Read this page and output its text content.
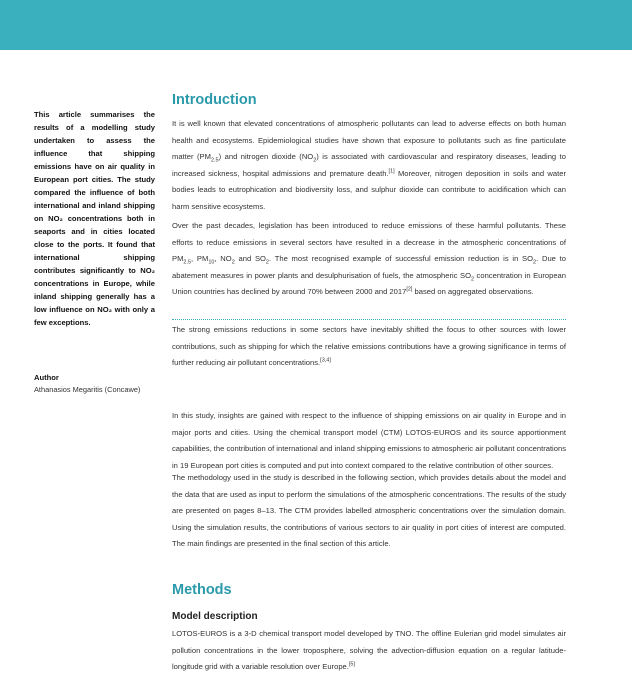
This article summarises the results of a modelling study undertaken to assess the influence that shipping emissions have on air quality in European port cities. The study compared the influence of both international and inland shipping on NO₂ concentrations both in seaports and in cities located close to the ports. It found that international shipping contributes significantly to NO₂ concentrations in Europe, while inland shipping generally has a low influence on NO₂ with only a few exceptions.
Author
Athanasios Megaritis (Concawe)
Introduction

It is well known that elevated concentrations of atmospheric pollutants can lead to adverse effects on both human health and ecosystems. Epidemiological studies have shown that exposure to pollutants such as fine particulate matter $(PM_{2.5})$ and nitrogen dioxide $(NO_2)$ is associated with cardiovascular and respiratory diseases, leading to increased sickness, hospital admissions and premature death.[1] Moreover, nitrogen deposition in soils and water bodies leads to eutrophication and biodiversity loss, and sulphur dioxide can contribute to acidification which can harm sensitive ecosystems.

Over the past decades, legislation has been introduced to reduce emissions of these harmful pollutants. These efforts to reduce emissions in several sectors have resulted in a decrease in the atmospheric concentrations of $PM_{2.5}$, $PM_{10}$, $NO_2$ and $SO_2$. The most recognised example of successful emission reduction is in $SO_2$. Due to abatement measures in power plants and desulphurisation of fuels, the atmospheric $SO_2$ concentration in European Union countries has declined by around 70% between 2000 and 2017[2] based on aggregated observations.

The strong emissions reductions in some sectors have inevitably shifted the focus to other sources with lower contributions, such as shipping for which the relative emissions contributions have a growing significance in terms of further reducing air pollutant concentrations.[3,4]

In this study, insights are gained with respect to the influence of shipping emissions on air quality in Europe and in major ports and cities. Using the chemical transport model (CTM) LOTOS-EUROS and its source apportionment capabilities, the contribution of international and inland shipping emissions to atmospheric air pollutant concentrations in 19 European port cities is computed and put into context compared to the relative contribution of other sources.

The methodology used in the study is described in the following section, which provides details about the model and the data that are used as input to perform the simulations of the atmospheric concentrations. The results of the study are presented on pages 8–13. The CTM provides labelled atmospheric concentrations over the simulation domain. Using the simulation results, the contributions of various sectors to air quality in port cities of interest are computed. The main findings are presented in the final section of this article.

Methods
Model description

LOTOS-EUROS is a 3-D chemical transport model developed by TNO. The offline Eulerian grid model simulates air pollution concentrations in the lower troposphere, solving the advection-diffusion equation on a regular latitude-longitude grid with a variable resolution over Europe.[5]
